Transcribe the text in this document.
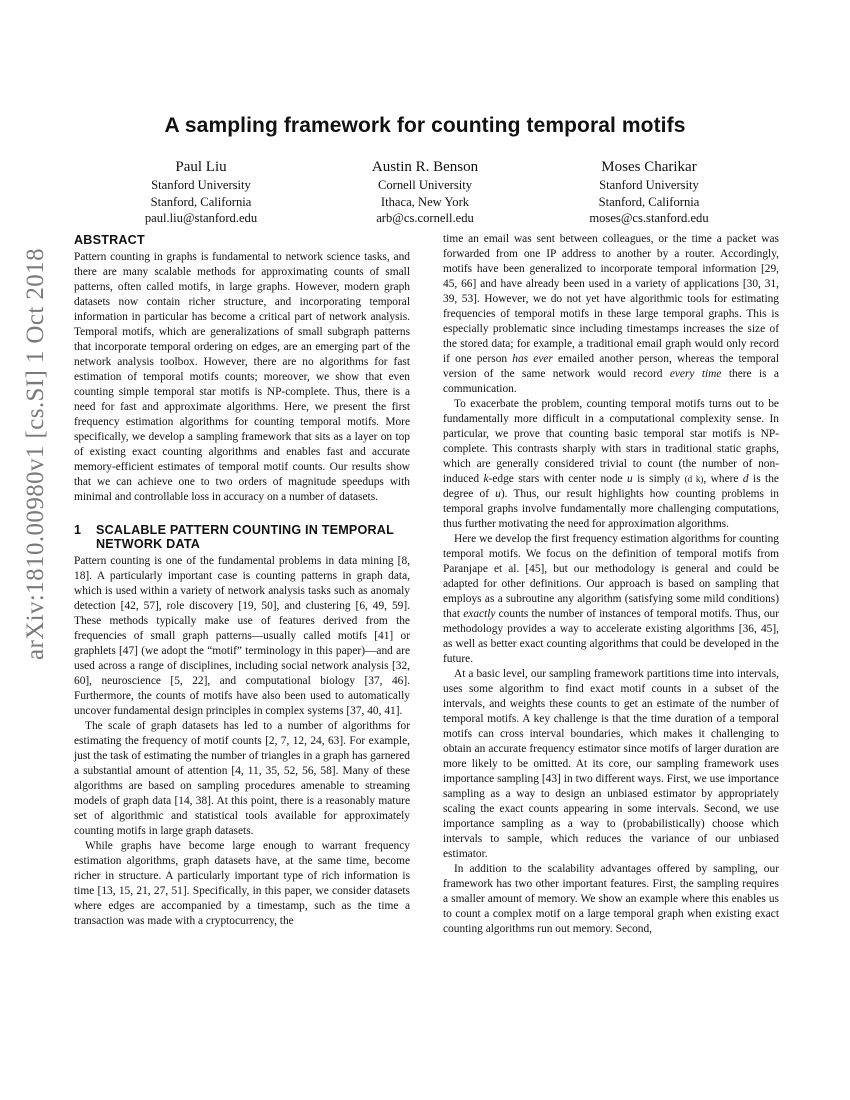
arXiv:1810.00980v1 [cs.SI] 1 Oct 2018
A sampling framework for counting temporal motifs
Paul Liu
Stanford University
Stanford, California
paul.liu@stanford.edu
Austin R. Benson
Cornell University
Ithaca, New York
arb@cs.cornell.edu
Moses Charikar
Stanford University
Stanford, California
moses@cs.stanford.edu
ABSTRACT

Pattern counting in graphs is fundamental to network science tasks, and there are many scalable methods for approximating counts of small patterns, often called motifs, in large graphs. However, modern graph datasets now contain richer structure, and incorporating temporal information in particular has become a critical part of network analysis. Temporal motifs, which are generalizations of small subgraph patterns that incorporate temporal ordering on edges, are an emerging part of the network analysis toolbox. However, there are no algorithms for fast estimation of temporal motifs counts; moreover, we show that even counting simple temporal star motifs is NP-complete. Thus, there is a need for fast and approximate algorithms. Here, we present the first frequency estimation algorithms for counting temporal motifs. More specifically, we develop a sampling framework that sits as a layer on top of existing exact counting algorithms and enables fast and accurate memory-efficient estimates of temporal motif counts. Our results show that we can achieve one to two orders of magnitude speedups with minimal and controllable loss in accuracy on a number of datasets.

1	SCALABLE PATTERN COUNTING IN TEMPORAL NETWORK DATA

Pattern counting is one of the fundamental problems in data mining [8, 18]. A particularly important case is counting patterns in graph data, which is used within a variety of network analysis tasks such as anomaly detection [42, 57], role discovery [19, 50], and clustering [6, 49, 59]. These methods typically make use of features derived from the frequencies of small graph patterns—usually called motifs [41] or graphlets [47] (we adopt the “motif” terminology in this paper)—and are used across a range of disciplines, including social network analysis [32, 60], neuroscience [5, 22], and computational biology [37, 46]. Furthermore, the counts of motifs have also been used to automatically uncover fundamental design principles in complex systems [37, 40, 41].

The scale of graph datasets has led to a number of algorithms for estimating the frequency of motif counts [2, 7, 12, 24, 63]. For example, just the task of estimating the number of triangles in a graph has garnered a substantial amount of attention [4, 11, 35, 52, 56, 58]. Many of these algorithms are based on sampling procedures amenable to streaming models of graph data [14, 38]. At this point, there is a reasonably mature set of algorithmic and statistical tools available for approximately counting motifs in large graph datasets.

While graphs have become large enough to warrant frequency estimation algorithms, graph datasets have, at the same time, become richer in structure. A particularly important type of rich information is time [13, 15, 21, 27, 51]. Specifically, in this paper, we consider datasets where edges are accompanied by a timestamp, such as the time a transaction was made with a cryptocurrency, the

time an email was sent between colleagues, or the time a packet was forwarded from one IP address to another by a router. Accordingly, motifs have been generalized to incorporate temporal information [29, 45, 66] and have already been used in a variety of applications [30, 31, 39, 53]. However, we do not yet have algorithmic tools for estimating frequencies of temporal motifs in these large temporal graphs. This is especially problematic since including timestamps increases the size of the stored data; for example, a traditional email graph would only record if one person has ever emailed another person, whereas the temporal version of the same network would record every time there is a communication.

To exacerbate the problem, counting temporal motifs turns out to be fundamentally more difficult in a computational complexity sense. In particular, we prove that counting basic temporal star motifs is NP-complete. This contrasts sharply with stars in traditional static graphs, which are generally considered trivial to count (the number of non-induced k-edge stars with center node u is simply (d k), where d is the degree of u). Thus, our result highlights how counting problems in temporal graphs involve fundamentally more challenging computations, thus further motivating the need for approximation algorithms.

Here we develop the first frequency estimation algorithms for counting temporal motifs. We focus on the definition of temporal motifs from Paranjape et al. [45], but our methodology is general and could be adapted for other definitions. Our approach is based on sampling that employs as a subroutine any algorithm (satisfying some mild conditions) that exactly counts the number of instances of temporal motifs. Thus, our methodology provides a way to accelerate existing algorithms [36, 45], as well as better exact counting algorithms that could be developed in the future.

At a basic level, our sampling framework partitions time into intervals, uses some algorithm to find exact motif counts in a subset of the intervals, and weights these counts to get an estimate of the number of temporal motifs. A key challenge is that the time duration of a temporal motifs can cross interval boundaries, which makes it challenging to obtain an accurate frequency estimator since motifs of larger duration are more likely to be omitted. At its core, our sampling framework uses importance sampling [43] in two different ways. First, we use importance sampling as a way to design an unbiased estimator by appropriately scaling the exact counts appearing in some intervals. Second, we use importance sampling as a way to (probabilistically) choose which intervals to sample, which reduces the variance of our unbiased estimator.

In addition to the scalability advantages offered by sampling, our framework has two other important features. First, the sampling requires a smaller amount of memory. We show an example where this enables us to count a complex motif on a large temporal graph when existing exact counting algorithms run out memory. Second,
